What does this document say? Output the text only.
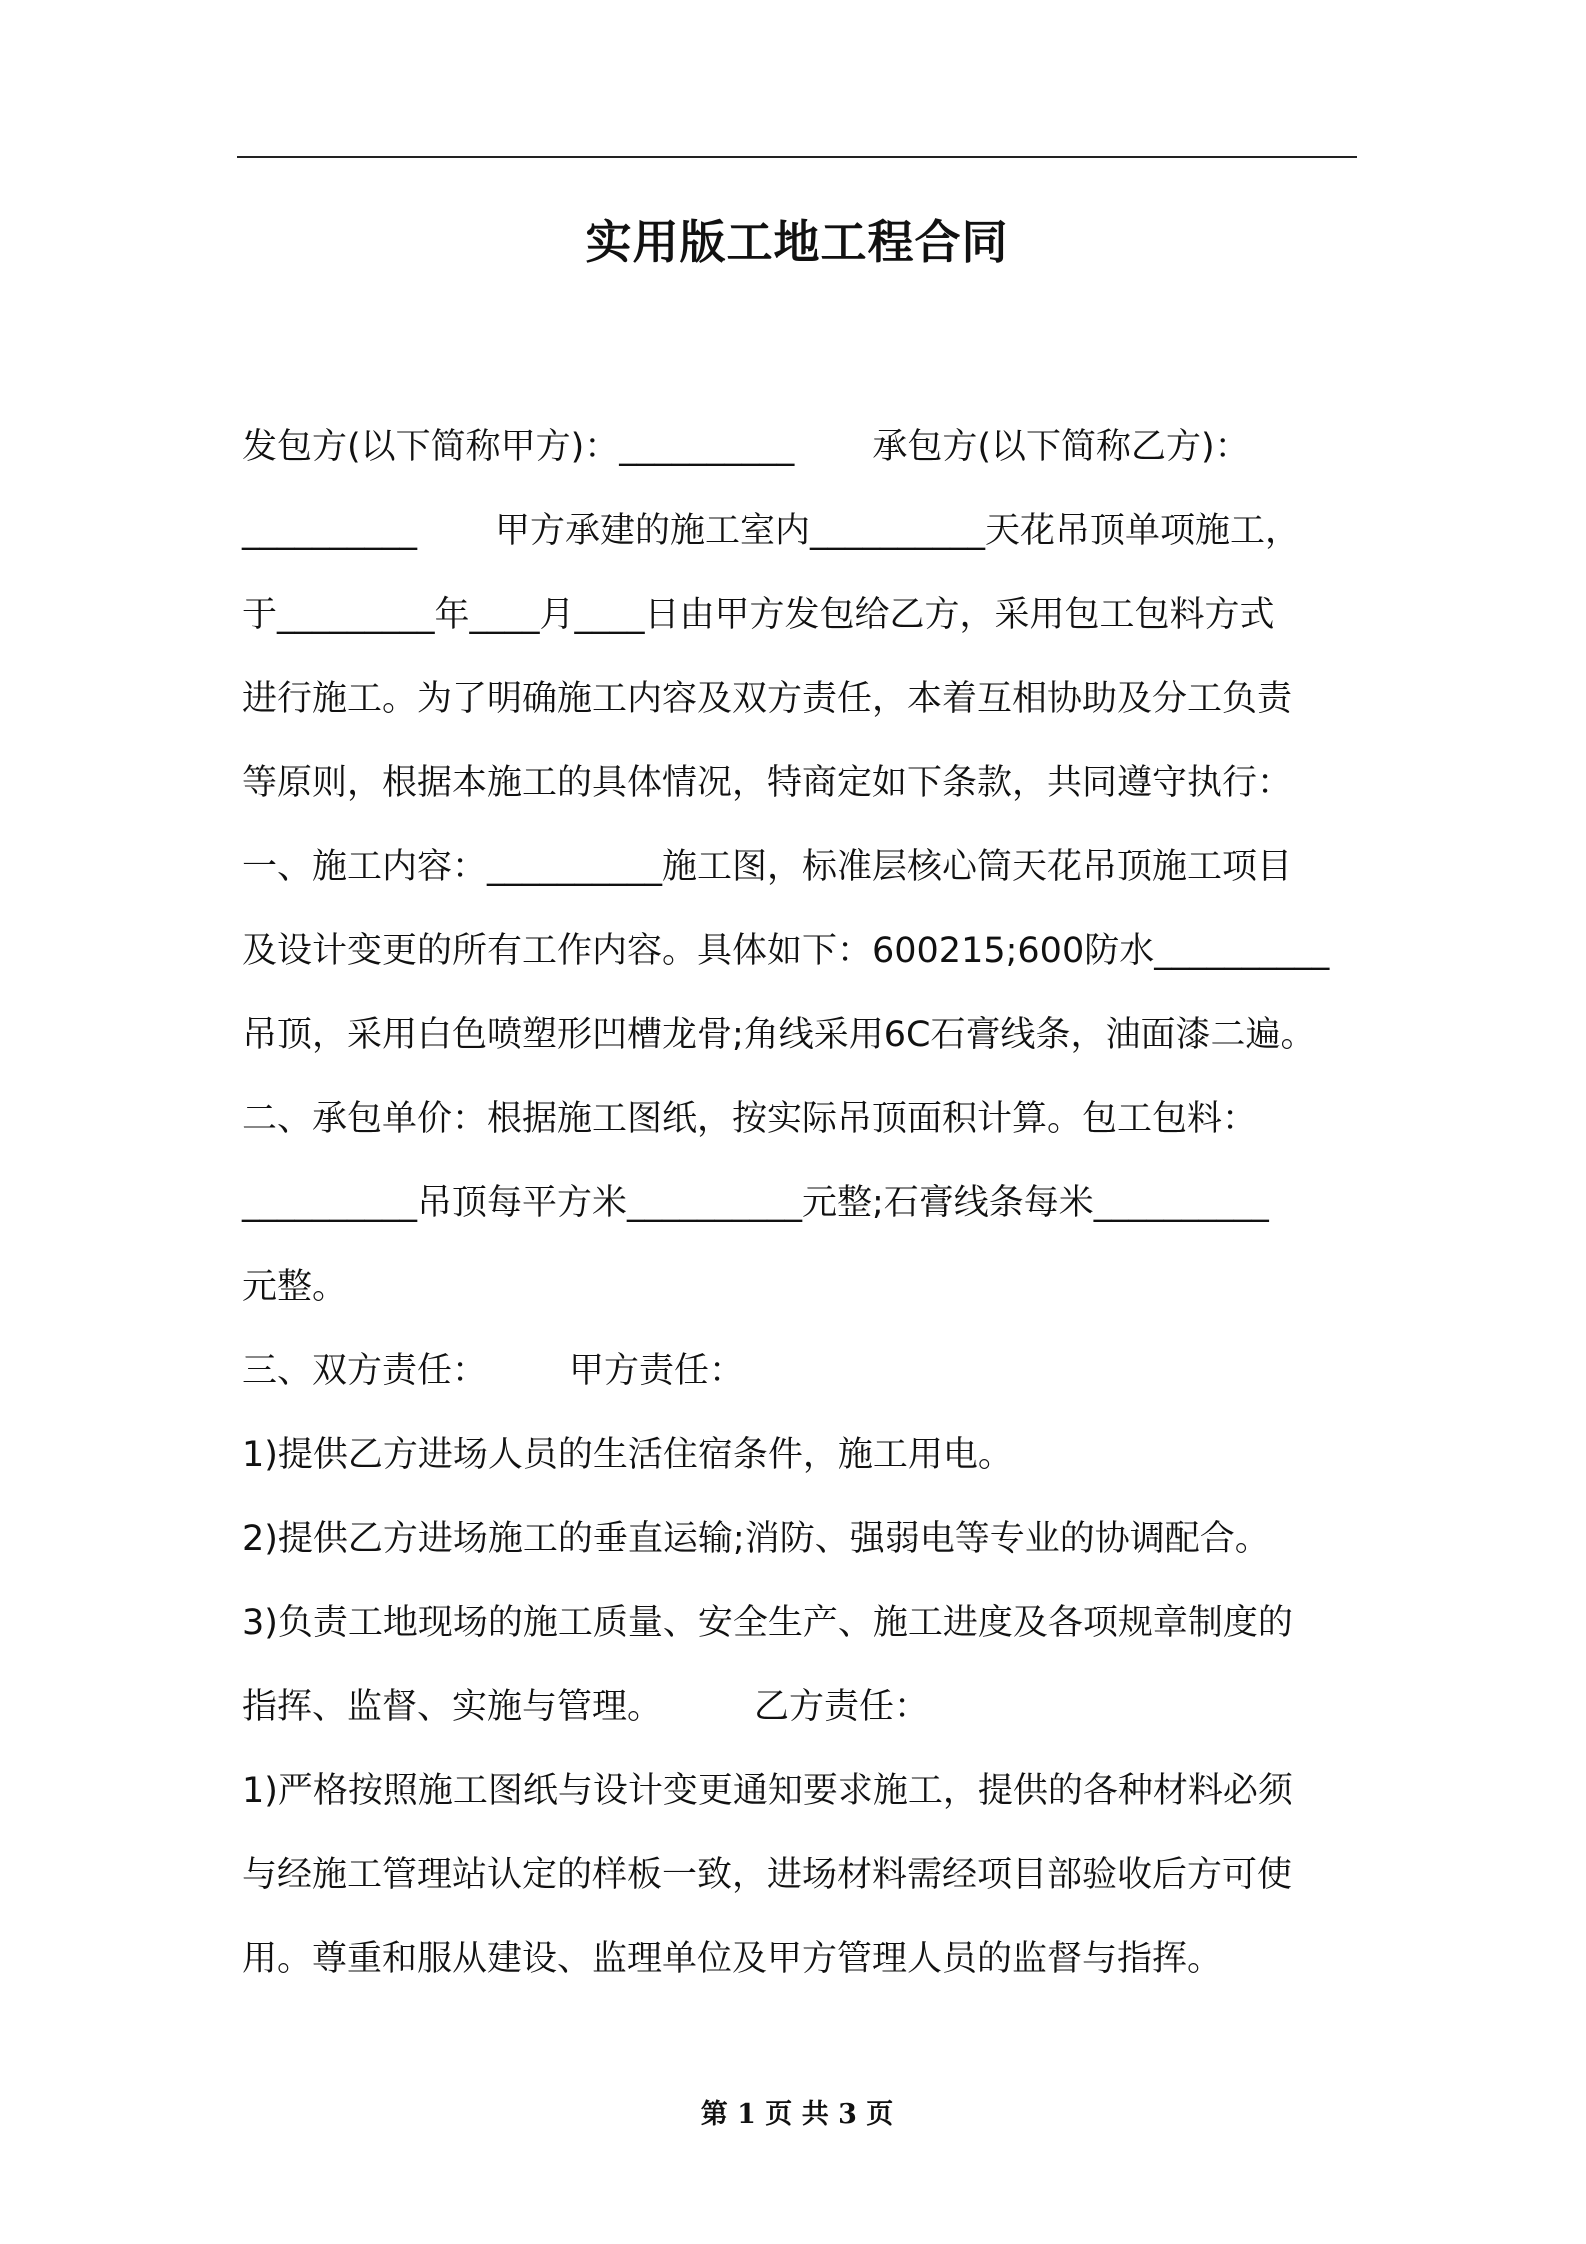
实用版工地工程合同
发包方(以下简称甲方)：__________ 承包方(以下简称乙方)：
__________ 甲方承建的施工室内__________天花吊顶单项施工，
于_________年____月____日由甲方发包给乙方，采用包工包料方式
进行施工。为了明确施工内容及双方责任，本着互相协助及分工负责
等原则，根据本施工的具体情况，特商定如下条款，共同遵守执行：
一、施工内容：__________施工图，标准层核心筒天花吊顶施工项目
及设计变更的所有工作内容。具体如下：600215;600防水__________
吊顶，采用白色喷塑形凹槽龙骨;角线采用6C石膏线条，油面漆二遍。
二、承包单价：根据施工图纸，按实际吊顶面积计算。包工包料：
__________吊顶每平方米__________元整;石膏线条每米__________
元整。
三、双方责任： 甲方责任：
1)提供乙方进场人员的生活住宿条件，施工用电。
2)提供乙方进场施工的垂直运输;消防、强弱电等专业的协调配合。
3)负责工地现场的施工质量、安全生产、施工进度及各项规章制度的
指挥、监督、实施与管理。	乙方责任：
1)严格按照施工图纸与设计变更通知要求施工，提供的各种材料必须
与经施工管理站认定的样板一致，进场材料需经项目部验收后方可使
用。尊重和服从建设、监理单位及甲方管理人员的监督与指挥。
第 1 页 共 3 页
